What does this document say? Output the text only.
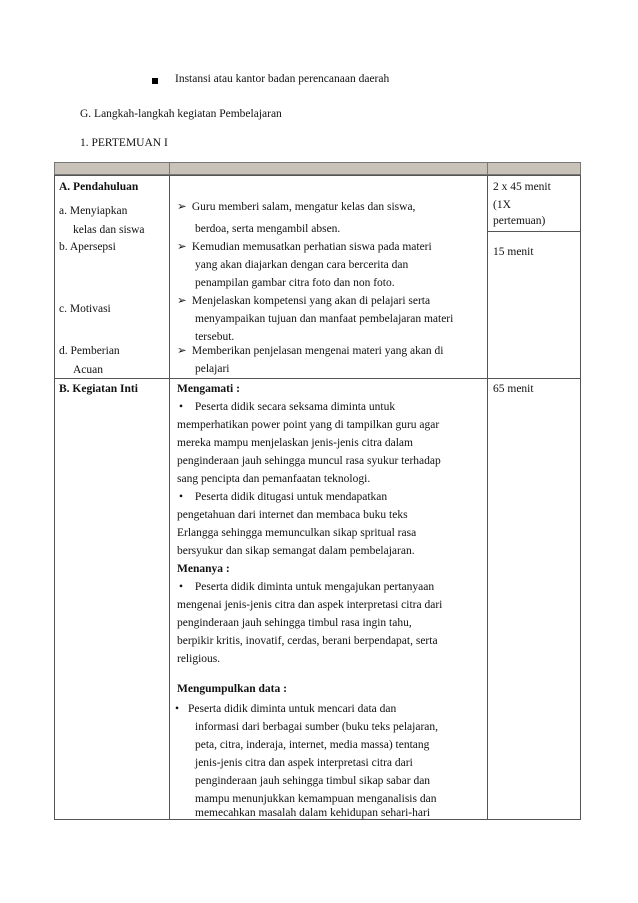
Instansi atau kantor badan perencanaan daerah
G. Langkah-langkah kegiatan Pembelajaran
1. PERTEMUAN I
A. Pendahuluan
a. Menyiapkan
kelas dan siswa
b. Apersepsi
c. Motivasi
d. Pemberian
Acuan
➢ Guru memberi salam, mengatur kelas dan siswa,
berdoa, serta mengambil absen.
➢ Kemudian memusatkan perhatian siswa pada materi
yang akan diajarkan dengan cara bercerita dan
penampilan gambar citra foto dan non foto.
➢ Menjelaskan kompetensi yang akan di pelajari serta
menyampaikan tujuan dan manfaat pembelajaran materi
tersebut.
➢ Memberikan penjelasan mengenai materi yang akan di
pelajari
2 x 45 menit
(1X
pertemuan)
15 menit
B. Kegiatan Inti	65 menit
Mengamati :
• Peserta didik secara seksama diminta untuk
memperhatikan power point yang di tampilkan guru agar
mereka mampu menjelaskan jenis-jenis citra dalam
penginderaan jauh sehingga muncul rasa syukur terhadap
sang pencipta dan pemanfaatan teknologi.
• Peserta didik ditugasi untuk mendapatkan
pengetahuan dari internet dan membaca buku teks
Erlangga sehingga memunculkan sikap spritual rasa
bersyukur dan sikap semangat dalam pembelajaran.
Menanya :
• Peserta didik diminta untuk mengajukan pertanyaan
mengenai jenis-jenis citra dan aspek interpretasi citra dari
penginderaan jauh sehingga timbul rasa ingin tahu,
berpikir kritis, inovatif, cerdas, berani berpendapat, serta
religious.
Mengumpulkan data :
• Peserta didik diminta untuk mencari data dan
informasi dari berbagai sumber (buku teks pelajaran,
peta, citra, inderaja, internet, media massa) tentang
jenis-jenis citra dan aspek interpretasi citra dari
penginderaan jauh sehingga timbul sikap sabar dan
mampu menunjukkan kemampuan menganalisis dan
memecahkan masalah dalam kehidupan sehari-hari
